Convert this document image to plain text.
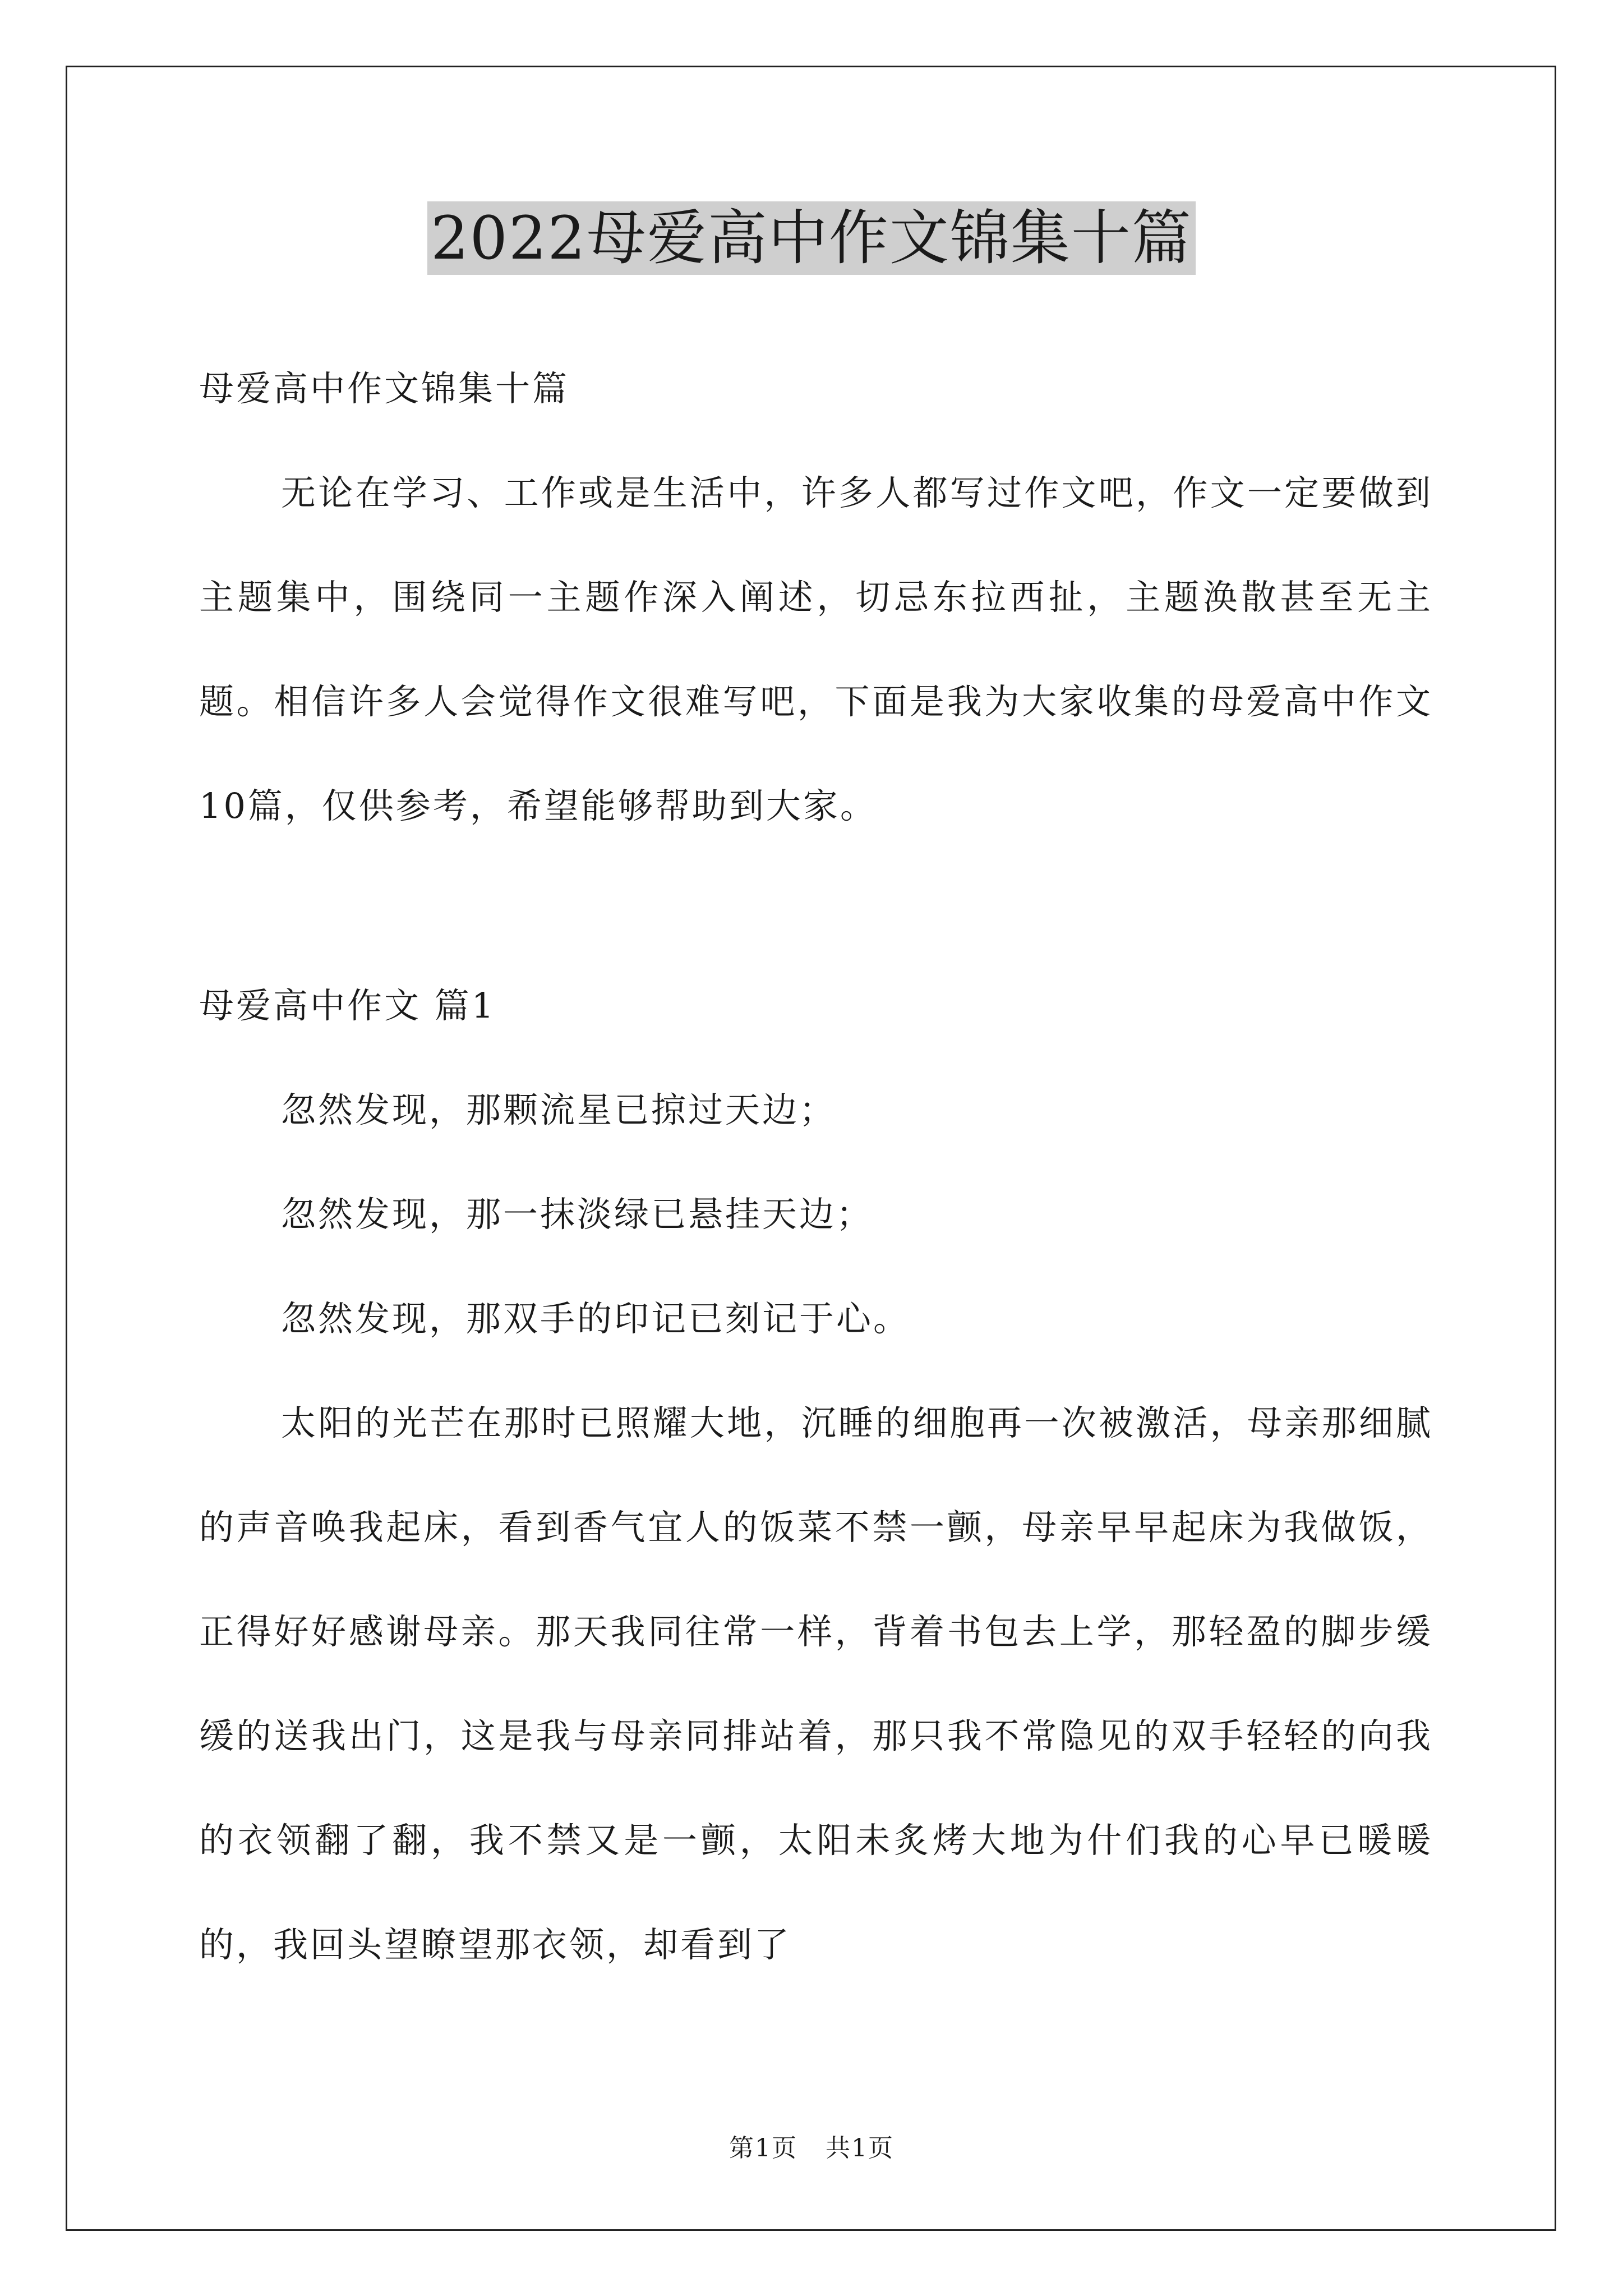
2022母爱高中作文锦集十篇

母爱高中作文锦集十篇

无论在学习、工作或是生活中，许多人都写过作文吧，作文一定要做到主题集中，围绕同一主题作深入阐述，切忌东拉西扯，主题涣散甚至无主题。相信许多人会觉得作文很难写吧，下面是我为大家收集的母爱高中作文10篇，仅供参考，希望能够帮助到大家。

母爱高中作文 篇1

忽然发现，那颗流星已掠过天边；

忽然发现，那一抹淡绿已悬挂天边；

忽然发现，那双手的印记已刻记于心。

太阳的光芒在那时已照耀大地，沉睡的细胞再一次被激活，母亲那细腻的声音唤我起床，看到香气宜人的饭菜不禁一颤，母亲早早起床为我做饭，正得好好感谢母亲。那天我同往常一样，背着书包去上学，那轻盈的脚步缓缓的送我出门，这是我与母亲同排站着，那只我不常隐见的双手轻轻的向我的衣领翻了翻，我不禁又是一颤，太阳未炙烤大地为什们我的心早已暖暖的，我回头望瞭望那衣领，却看到了

第1页 共1页
